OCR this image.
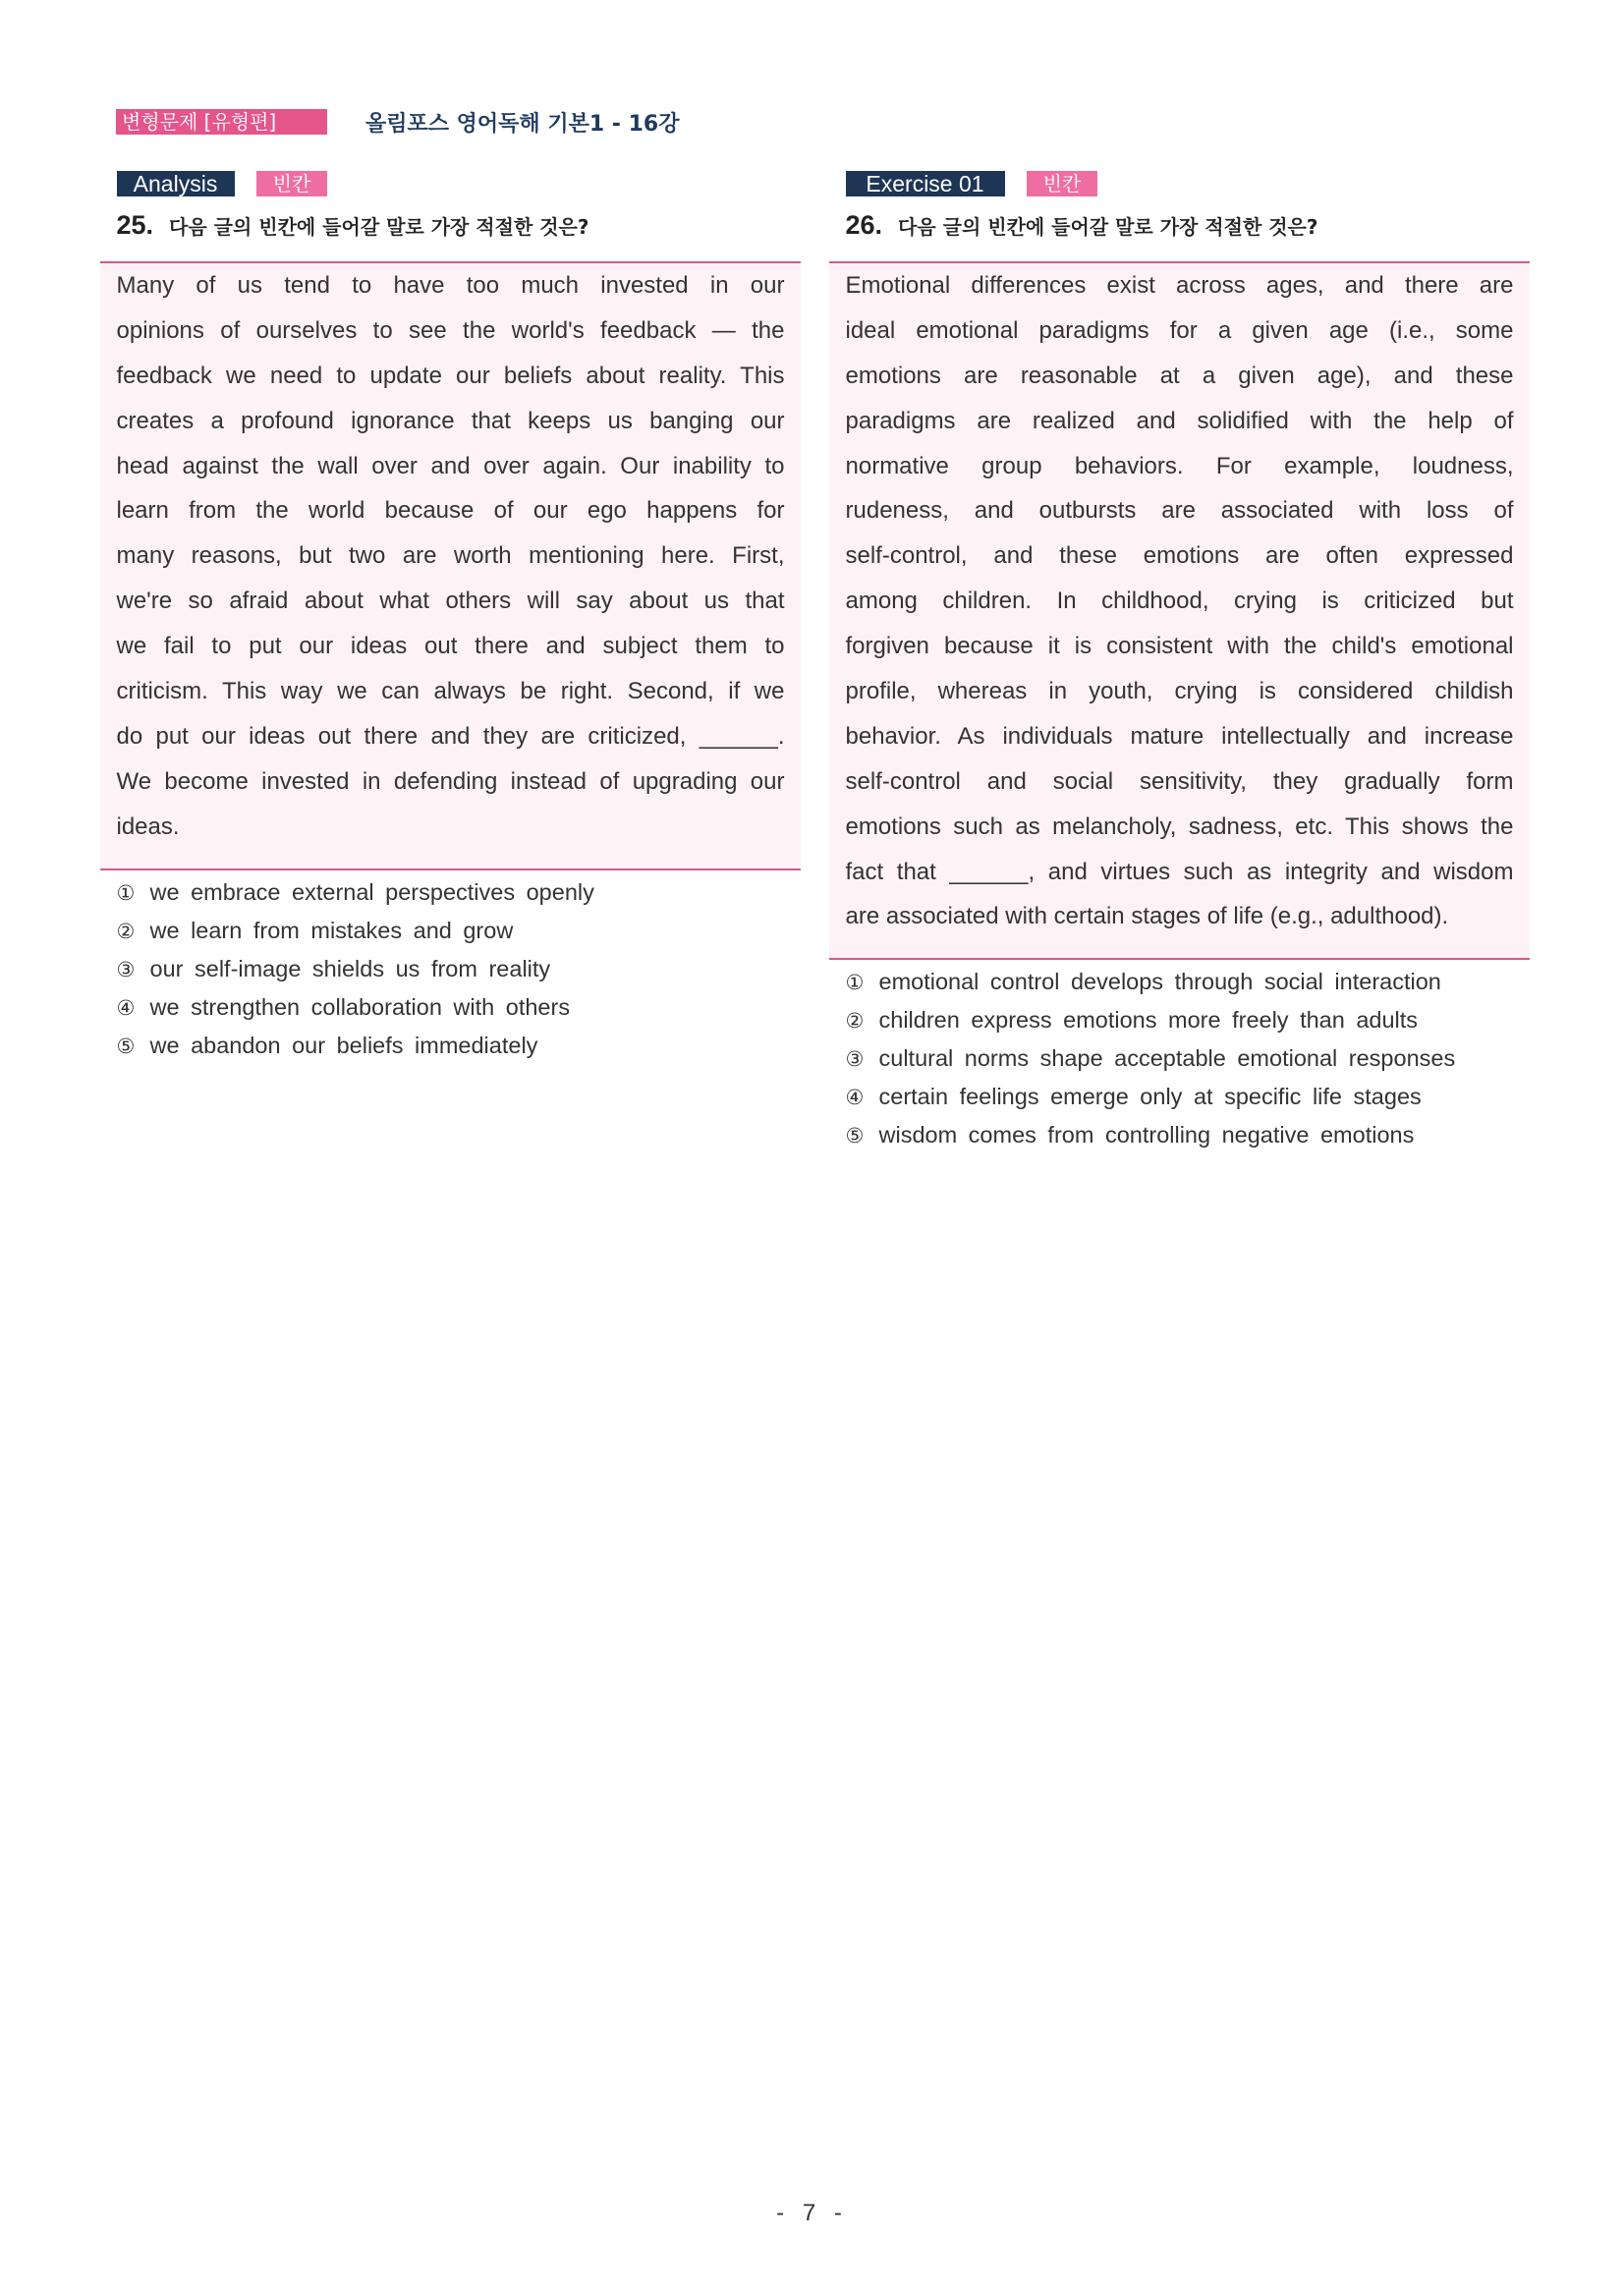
변형문제 [유형편]	올림포스 영어독해 기본1 - 16강
Analysis	빈칸
25. 다음 글의 빈칸에 들어갈 말로 가장 적절한 것은?
Many of us tend to have too much invested in our
opinions of ourselves to see the world's feedback — the
feedback we need to update our beliefs about reality. This
creates a profound ignorance that keeps us banging our
head against the wall over and over again. Our inability to
learn from the world because of our ego happens for
many reasons, but two are worth mentioning here. First,
we're so afraid about what others will say about us that
we fail to put our ideas out there and subject them to
criticism. This way we can always be right. Second, if we
do put our ideas out there and they are criticized, ______.
We become invested in defending instead of upgrading our
ideas.
① we embrace external perspectives openly
② we learn from mistakes and grow
③ our self-image shields us from reality
④ we strengthen collaboration with others
⑤ we abandon our beliefs immediately
Exercise 01	빈칸
26. 다음 글의 빈칸에 들어갈 말로 가장 적절한 것은?
Emotional differences exist across ages, and there are
ideal emotional paradigms for a given age (i.e., some
emotions are reasonable at a given age), and these
paradigms are realized and solidified with the help of
normative group behaviors. For example, loudness,
rudeness, and outbursts are associated with loss of
self-control, and these emotions are often expressed
among children. In childhood, crying is criticized but
forgiven because it is consistent with the child's emotional
profile, whereas in youth, crying is considered childish
behavior. As individuals mature intellectually and increase
self-control and social sensitivity, they gradually form
emotions such as melancholy, sadness, etc. This shows the
fact that ______, and virtues such as integrity and wisdom
are associated with certain stages of life (e.g., adulthood).
① emotional control develops through social interaction
② children express emotions more freely than adults
③ cultural norms shape acceptable emotional responses
④ certain feelings emerge only at specific life stages
⑤ wisdom comes from controlling negative emotions
- 7 -
